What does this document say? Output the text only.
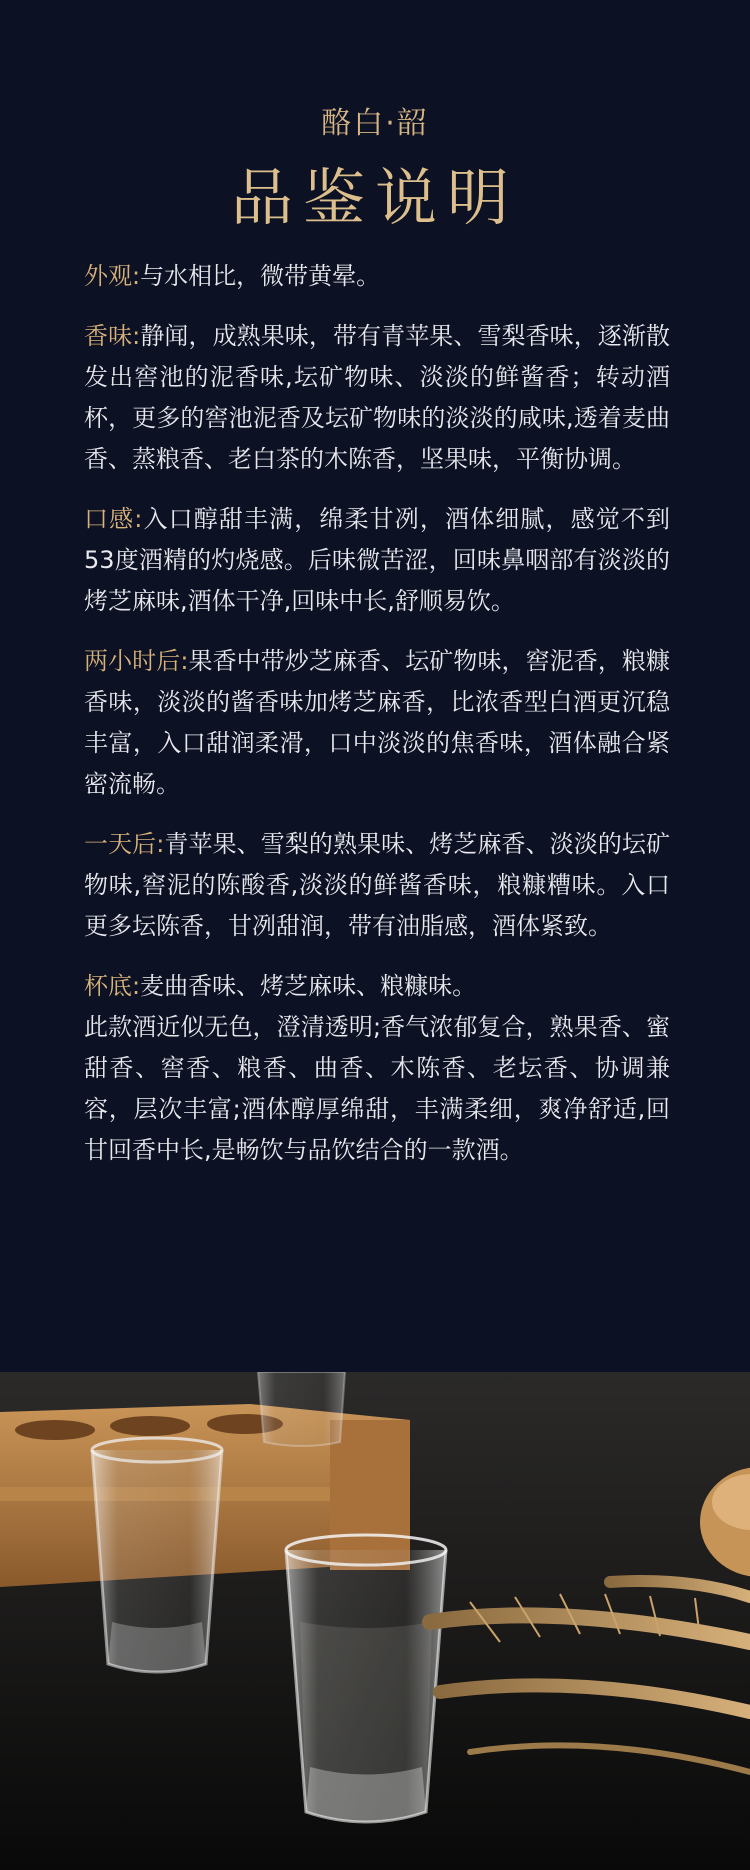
酪白·韶
品鉴说明

外观:与水相比，微带黄晕。

香味:静闻，成熟果味，带有青苹果、雪梨香味，逐渐散发出窖池的泥香味,坛矿物味、淡淡的鲜酱香；转动酒杯，更多的窖池泥香及坛矿物味的淡淡的咸味,透着麦曲香、蒸粮香、老白茶的木陈香，坚果味，平衡协调。

口感:入口醇甜丰满，绵柔甘冽，酒体细腻，感觉不到53度酒精的灼烧感。后味微苦涩，回味鼻咽部有淡淡的烤芝麻味,酒体干净,回味中长,舒顺易饮。

两小时后:果香中带炒芝麻香、坛矿物味，窖泥香，粮糠香味，淡淡的酱香味加烤芝麻香，比浓香型白酒更沉稳丰富，入口甜润柔滑，口中淡淡的焦香味，酒体融合紧密流畅。

一天后:青苹果、雪梨的熟果味、烤芝麻香、淡淡的坛矿物味,窖泥的陈酸香,淡淡的鲜酱香味，粮糠糟味。入口更多坛陈香，甘冽甜润，带有油脂感，酒体紧致。

杯底:麦曲香味、烤芝麻味、粮糠味。

此款酒近似无色，澄清透明;香气浓郁复合，熟果香、蜜甜香、窖香、粮香、曲香、木陈香、老坛香、协调兼容，层次丰富;酒体醇厚绵甜，丰满柔细，爽净舒适,回甘回香中长,是畅饮与品饮结合的一款酒。
